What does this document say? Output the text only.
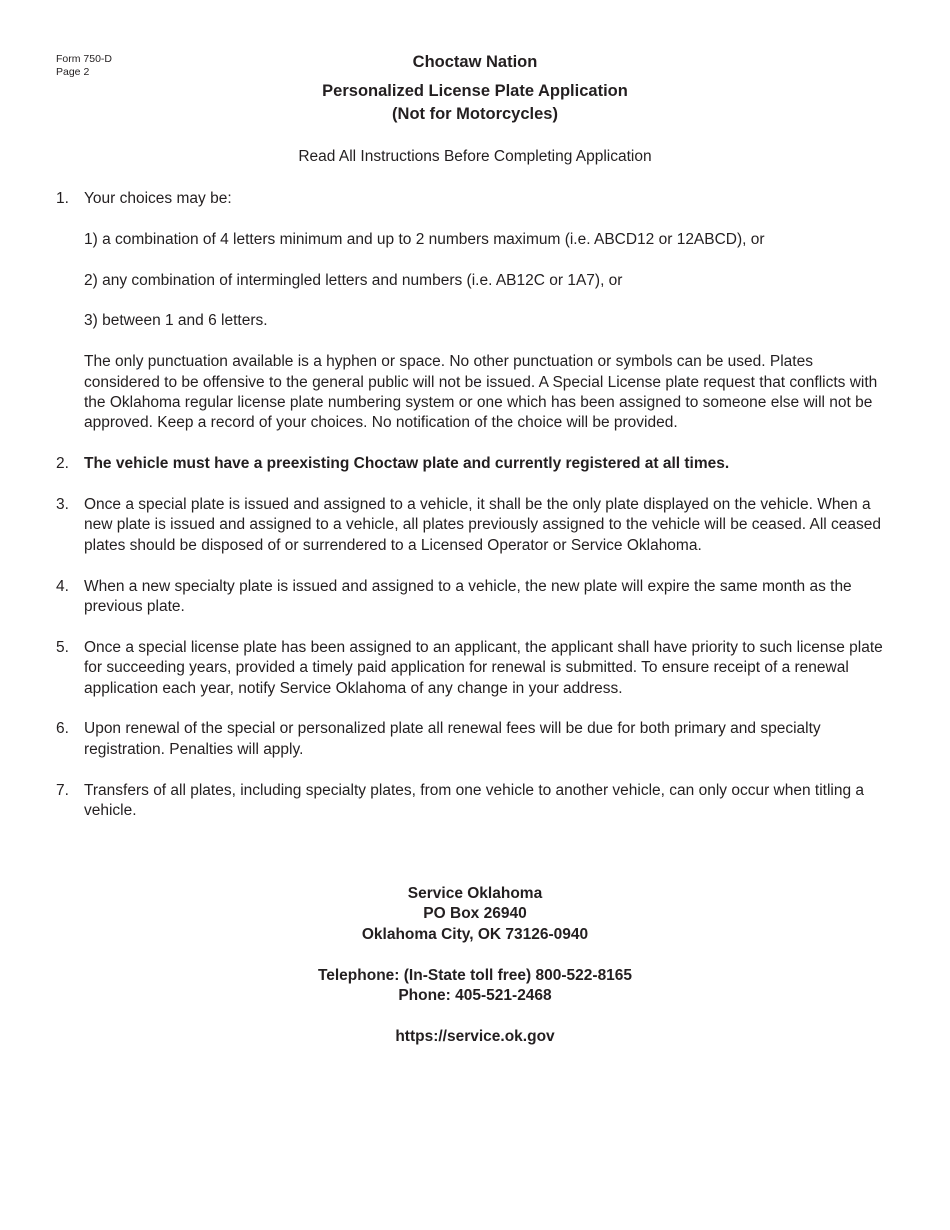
Form 750-D
Page 2
Choctaw Nation
Personalized License Plate Application
(Not for Motorcycles)
Read All Instructions Before Completing Application
1. Your choices may be:

1) a combination of 4 letters minimum and up to 2 numbers maximum (i.e. ABCD12 or 12ABCD), or

2) any combination of intermingled letters and numbers (i.e. AB12C or 1A7), or

3) between 1 and 6 letters.

The only punctuation available is a hyphen or space. No other punctuation or symbols can be used. Plates considered to be offensive to the general public will not be issued. A Special License plate request that conflicts with the Oklahoma regular license plate numbering system or one which has been assigned to someone else will not be approved. Keep a record of your choices. No notification of the choice will be provided.

2. The vehicle must have a preexisting Choctaw plate and currently registered at all times.
3. Once a special plate is issued and assigned to a vehicle, it shall be the only plate displayed on the vehicle. When a new plate is issued and assigned to a vehicle, all plates previously assigned to the vehicle will be ceased. All ceased plates should be disposed of or surrendered to a Licensed Operator or Service Oklahoma.
4. When a new specialty plate is issued and assigned to a vehicle, the new plate will expire the same month as the previous plate.
5. Once a special license plate has been assigned to an applicant, the applicant shall have priority to such license plate for succeeding years, provided a timely paid application for renewal is submitted. To ensure receipt of a renewal application each year, notify Service Oklahoma of any change in your address.
6. Upon renewal of the special or personalized plate all renewal fees will be due for both primary and specialty registration. Penalties will apply.
7. Transfers of all plates, including specialty plates, from one vehicle to another vehicle, can only occur when titling a vehicle.
Service Oklahoma
PO Box 26940
Oklahoma City, OK 73126-0940
Telephone: (In-State toll free) 800-522-8165
Phone: 405-521-2468
https://service.ok.gov
